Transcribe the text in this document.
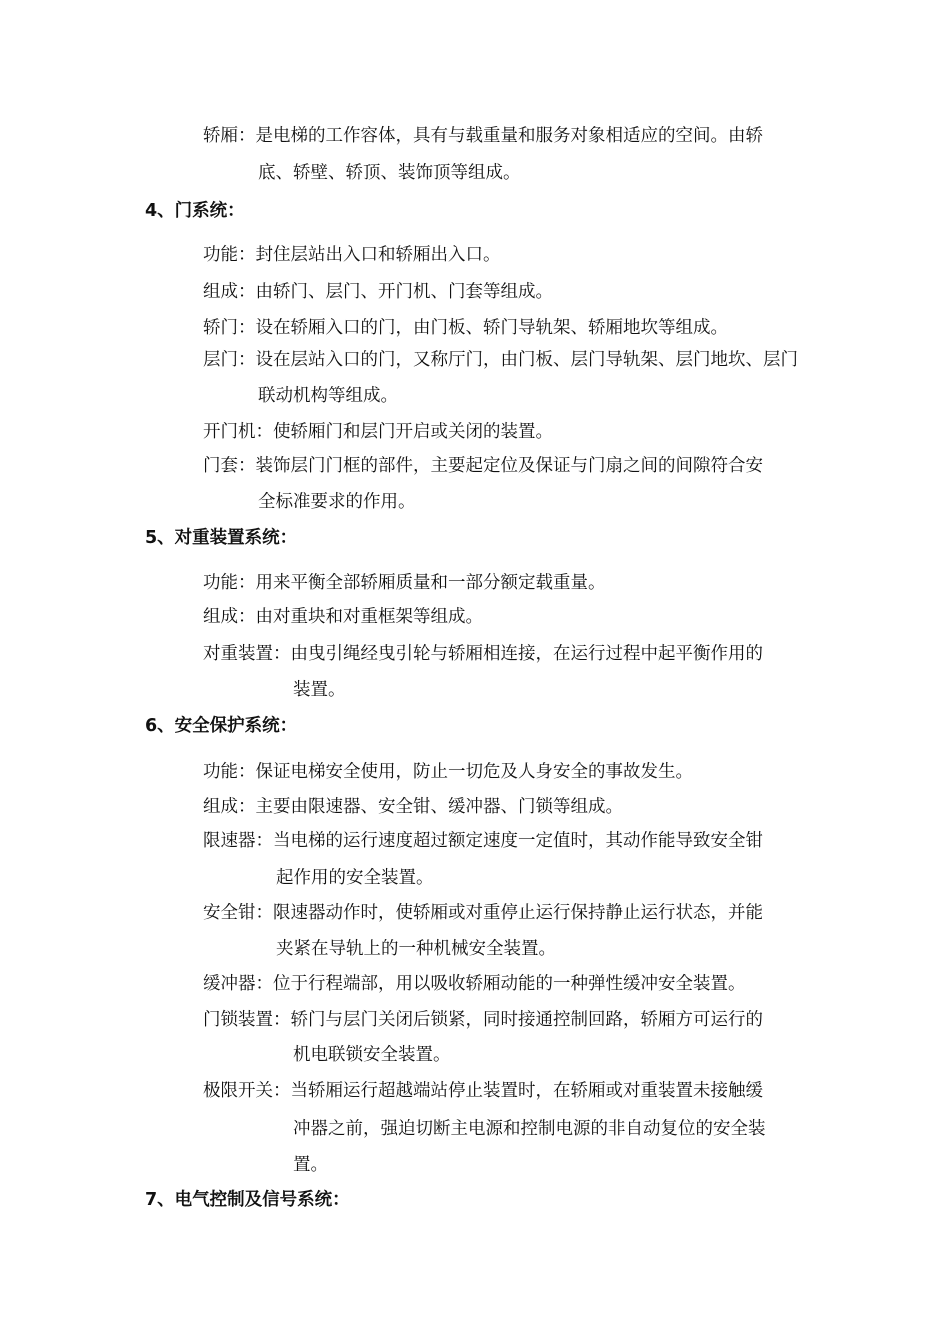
轿厢：是电梯的工作容体，具有与载重量和服务对象相适应的空间。由轿
底、轿壁、轿顶、装饰顶等组成。
4、门系统：
功能：封住层站出入口和轿厢出入口。
组成：由轿门、层门、开门机、门套等组成。
轿门：设在轿厢入口的门，由门板、轿门导轨架、轿厢地坎等组成。
层门：设在层站入口的门，又称厅门，由门板、层门导轨架、层门地坎、层门
联动机构等组成。
开门机：使轿厢门和层门开启或关闭的装置。
门套：装饰层门门框的部件，主要起定位及保证与门扇之间的间隙符合安
全标准要求的作用。
5、对重装置系统：
功能：用来平衡全部轿厢质量和一部分额定载重量。
组成：由对重块和对重框架等组成。
对重装置：由曳引绳经曳引轮与轿厢相连接，在运行过程中起平衡作用的
装置。
6、安全保护系统：
功能：保证电梯安全使用，防止一切危及人身安全的事故发生。
组成：主要由限速器、安全钳、缓冲器、门锁等组成。
限速器：当电梯的运行速度超过额定速度一定值时，其动作能导致安全钳
起作用的安全装置。
安全钳：限速器动作时，使轿厢或对重停止运行保持静止运行状态，并能
夹紧在导轨上的一种机械安全装置。
缓冲器：位于行程端部，用以吸收轿厢动能的一种弹性缓冲安全装置。
门锁装置：轿门与层门关闭后锁紧，同时接通控制回路，轿厢方可运行的
机电联锁安全装置。
极限开关：当轿厢运行超越端站停止装置时，在轿厢或对重装置未接触缓
冲器之前，强迫切断主电源和控制电源的非自动复位的安全装
置。
7、电气控制及信号系统：
